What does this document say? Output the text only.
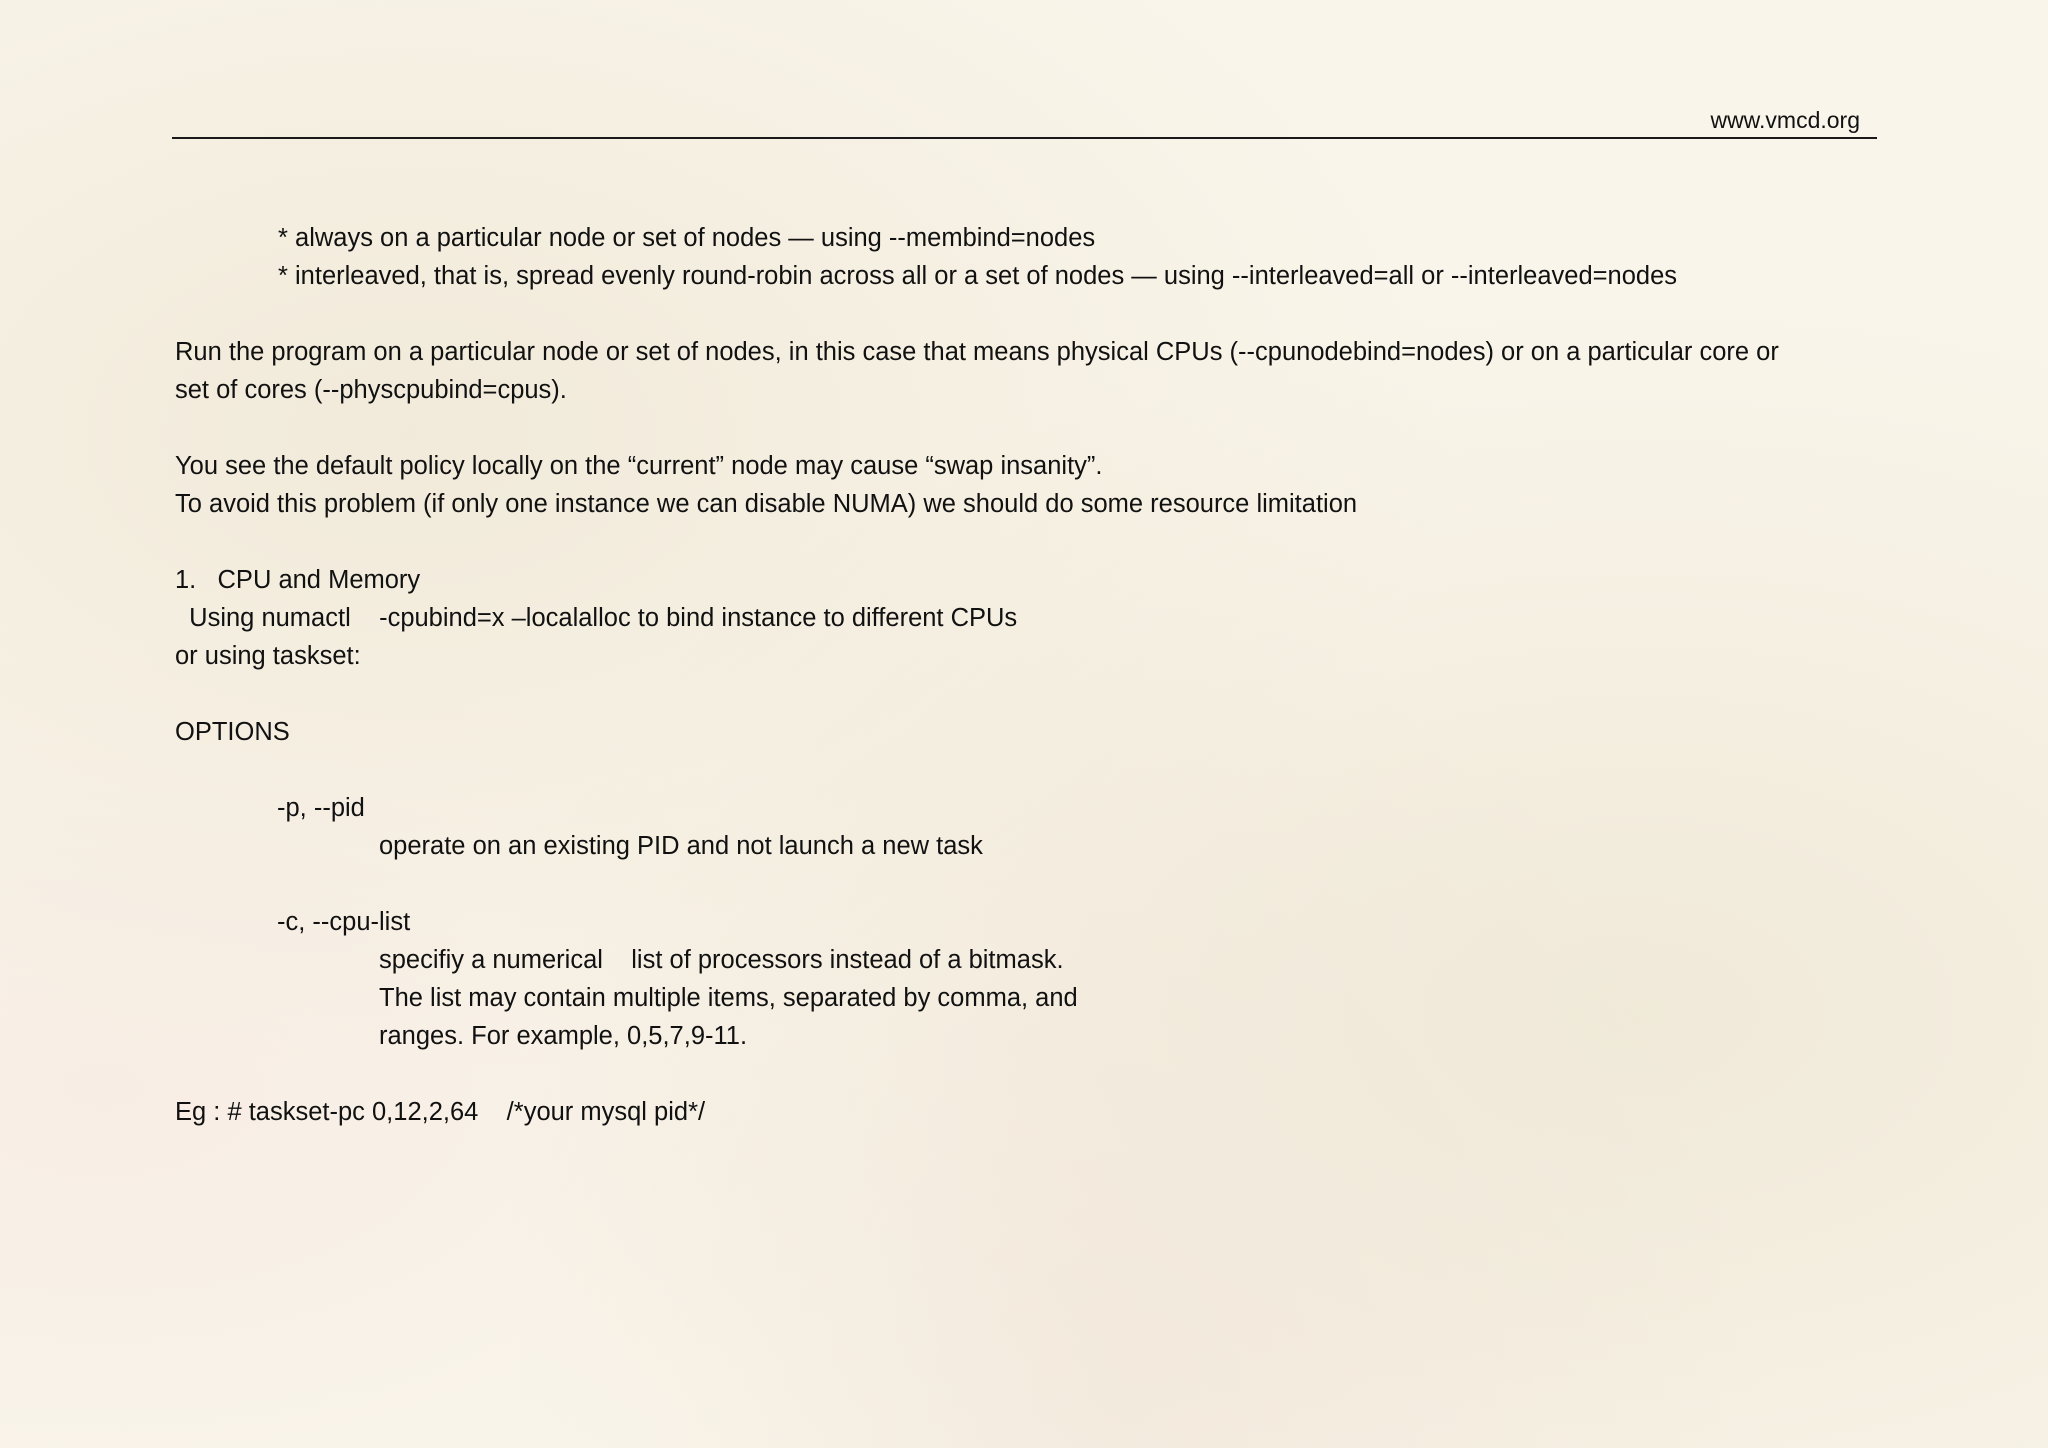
www.vmcd.org
* always on a particular node or set of nodes — using --membind=nodes
* interleaved, that is, spread evenly round-robin across all or a set of nodes — using --interleaved=all or --interleaved=nodes
Run the program on a particular node or set of nodes, in this case that means physical CPUs (--cpunodebind=nodes) or on a particular core or
set of cores (--physcpubind=cpus).
You see the default policy locally on the “current” node may cause “swap insanity”.
To avoid this problem (if only one instance we can disable NUMA) we should do some resource limitation
1.   CPU and Memory
Using numactl    -cpubind=x –localalloc to bind instance to different CPUs
or using taskset:
OPTIONS
-p, --pid
operate on an existing PID and not launch a new task
-c, --cpu-list
specifiy a numerical    list of processors instead of a bitmask.
The list may contain multiple items, separated by comma, and
ranges. For example, 0,5,7,9-11.
Eg : # taskset-pc 0,12,2,64    /*your mysql pid*/
